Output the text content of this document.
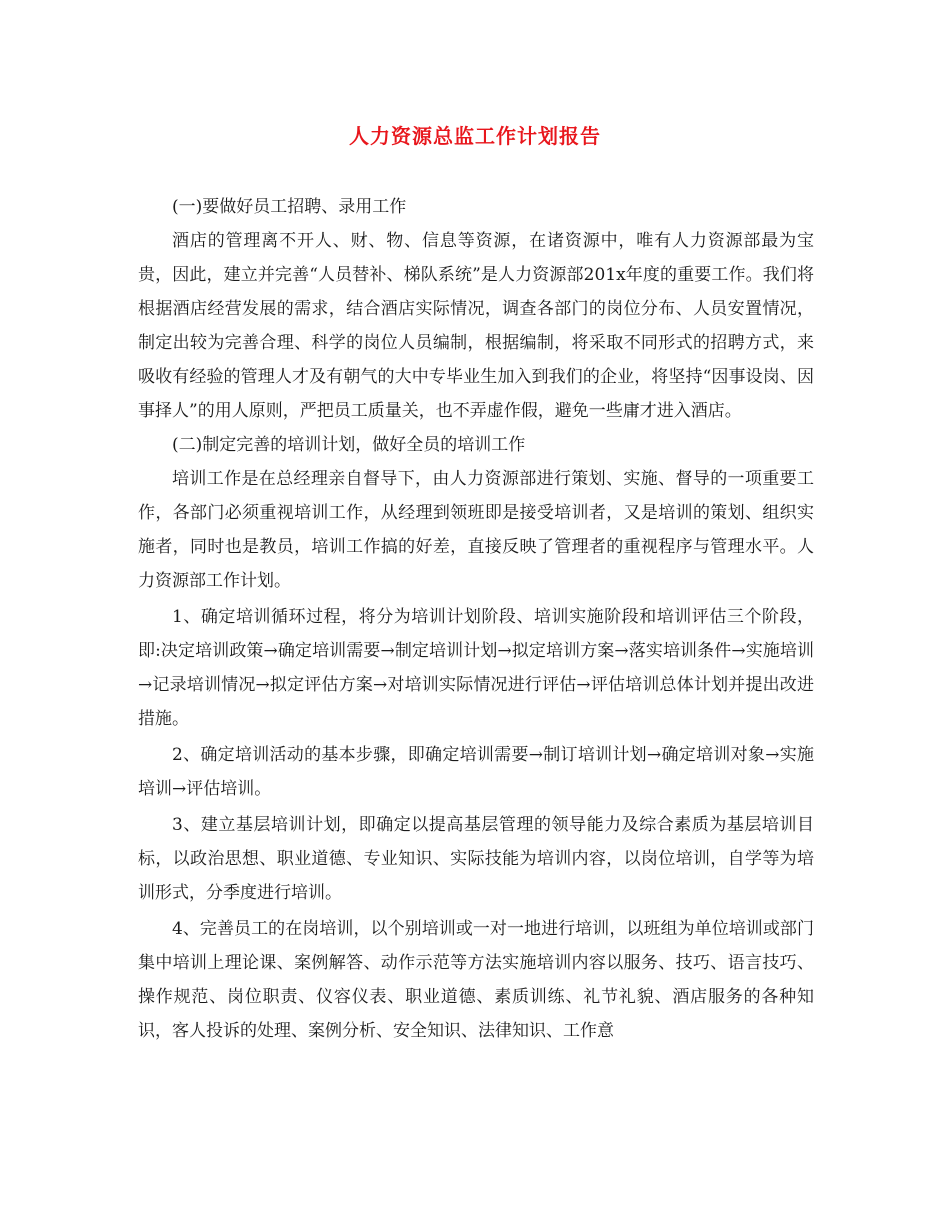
人力资源总监工作计划报告

(一)要做好员工招聘、录用工作

酒店的管理离不开人、财、物、信息等资源，在诸资源中，唯有人力资源部最为宝贵，因此，建立并完善“人员替补、梯队系统”是人力资源部201x年度的重要工作。我们将根据酒店经营发展的需求，结合酒店实际情况，调查各部门的岗位分布、人员安置情况，制定出较为完善合理、科学的岗位人员编制，根据编制，将采取不同形式的招聘方式，来吸收有经验的管理人才及有朝气的大中专毕业生加入到我们的企业，将坚持“因事设岗、因事择人”的用人原则，严把员工质量关，也不弄虚作假，避免一些庸才进入酒店。

(二)制定完善的培训计划，做好全员的培训工作

培训工作是在总经理亲自督导下，由人力资源部进行策划、实施、督导的一项重要工作，各部门必须重视培训工作，从经理到领班即是接受培训者，又是培训的策划、组织实施者，同时也是教员，培训工作搞的好差，直接反映了管理者的重视程序与管理水平。人力资源部工作计划。

1、确定培训循环过程，将分为培训计划阶段、培训实施阶段和培训评估三个阶段，即:决定培训政策→确定培训需要→制定培训计划→拟定培训方案→落实培训条件→实施培训→记录培训情况→拟定评估方案→对培训实际情况进行评估→评估培训总体计划并提出改进措施。

2、确定培训活动的基本步骤，即确定培训需要→制订培训计划→确定培训对象→实施培训→评估培训。

3、建立基层培训计划，即确定以提高基层管理的领导能力及综合素质为基层培训目标，以政治思想、职业道德、专业知识、实际技能为培训内容，以岗位培训，自学等为培训形式，分季度进行培训。

4、完善员工的在岗培训，以个别培训或一对一地进行培训，以班组为单位培训或部门集中培训上理论课、案例解答、动作示范等方法实施培训内容以服务、技巧、语言技巧、操作规范、岗位职责、仪容仪表、职业道德、素质训练、礼节礼貌、酒店服务的各种知识，客人投诉的处理、案例分析、安全知识、法律知识、工作意
